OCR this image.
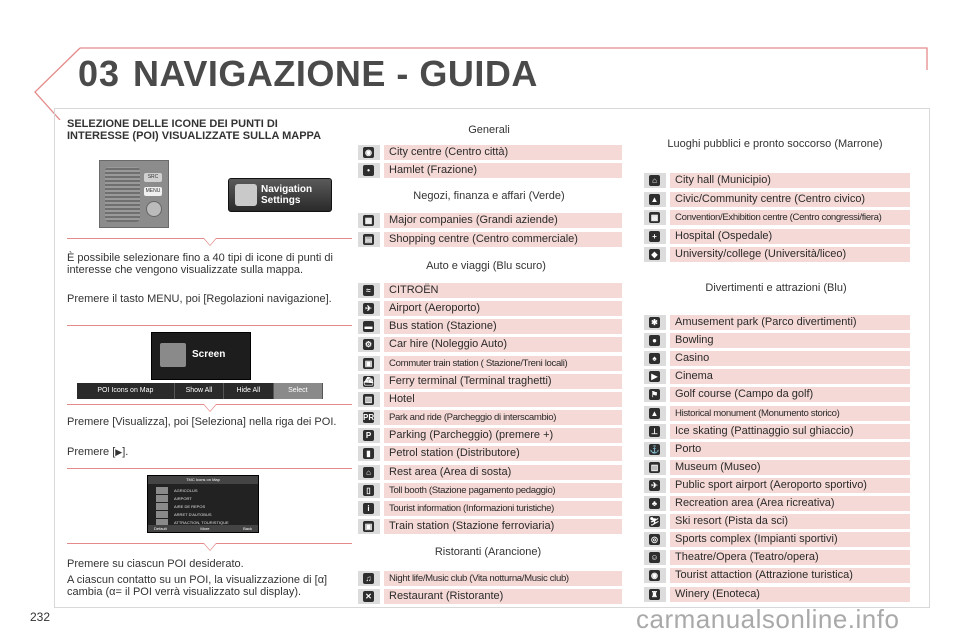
03 NAVIGAZIONE - GUIDA
SELEZIONE DELLE ICONE DEI PUNTI DI INTERESSE (POI) VISUALIZZATE SULLA MAPPA
SRC
MENU	Navigation Settings
È possibile selezionare fino a 40 tipi di icone di punti di interesse che vengono visualizzate sulla mappa.
Premere il tasto MENU, poi [Regolazioni navigazione].
Screen
POI Icons on Map	Show All	Hide All	Select
Premere [Visualizza], poi [Seleziona] nella riga dei POI.
Premere [▶].
TMC Icons on Map
AGRICOLUS
AIRPORT
AIRE DE REPOS
ARRET D'AUTOBUS
ATTRACTION, TOURISTIQUE
Default	More	Back
Premere su ciascun POI desiderato.
A ciascun contatto su un POI, la visualizzazione di [α] cambia (α= il POI verrà visualizzato sul display).
Generali
◉	City centre (Centro città)
•	Hamlet (Frazione)
Negozi, finanza e affari (Verde)
▦	Major companies (Grandi aziende)
▤	Shopping centre (Centro commerciale)
Auto e viaggi (Blu scuro)
≈	CITROËN
✈	Airport (Aeroporto)
▬	Bus station (Stazione)
⚙	Car hire (Noleggio Auto)
▣	Commuter train station ( Stazione/Treni locali)
⛴	Ferry terminal (Terminal traghetti)
▥	Hotel
PR	Park and ride (Parcheggio di interscambio)
P	Parking (Parcheggio) (premere +)
▮	Petrol station (Distributore)
⌂	Rest area (Area di sosta)
▯	Toll booth (Stazione pagamento pedaggio)
i	Tourist information (Informazioni turistiche)
▣	Train station (Stazione ferroviaria)
Ristoranti (Arancione)
♫	Night life/Music club (Vita notturna/Music club)
✕	Restaurant (Ristorante)
Luoghi pubblici e pronto soccorso (Marrone)
⌂	City hall (Municipio)
▲	Civic/Community centre (Centro civico)
▦	Convention/Exhibition centre (Centro congressi/fiera)
+	Hospital (Ospedale)
◆	University/college (Università/liceo)
Divertimenti e attrazioni (Blu)
✱	Amusement park (Parco divertimenti)
●	Bowling
♠	Casino
▶	Cinema
⚑	Golf course (Campo da golf)
▲	Historical monument (Monumento storico)
⊥	Ice skating (Pattinaggio sul ghiaccio)
⚓	Porto
▥	Museum (Museo)
✈	Public sport airport (Aeroporto sportivo)
♣	Recreation area (Area ricreativa)
⛷	Ski resort (Pista da sci)
◎	Sports complex (Impianti sportivi)
☺	Theatre/Opera (Teatro/opera)
◉	Tourist attaction (Attrazione turistica)
♜	Winery (Enoteca)
232	carmanualsonline.info
